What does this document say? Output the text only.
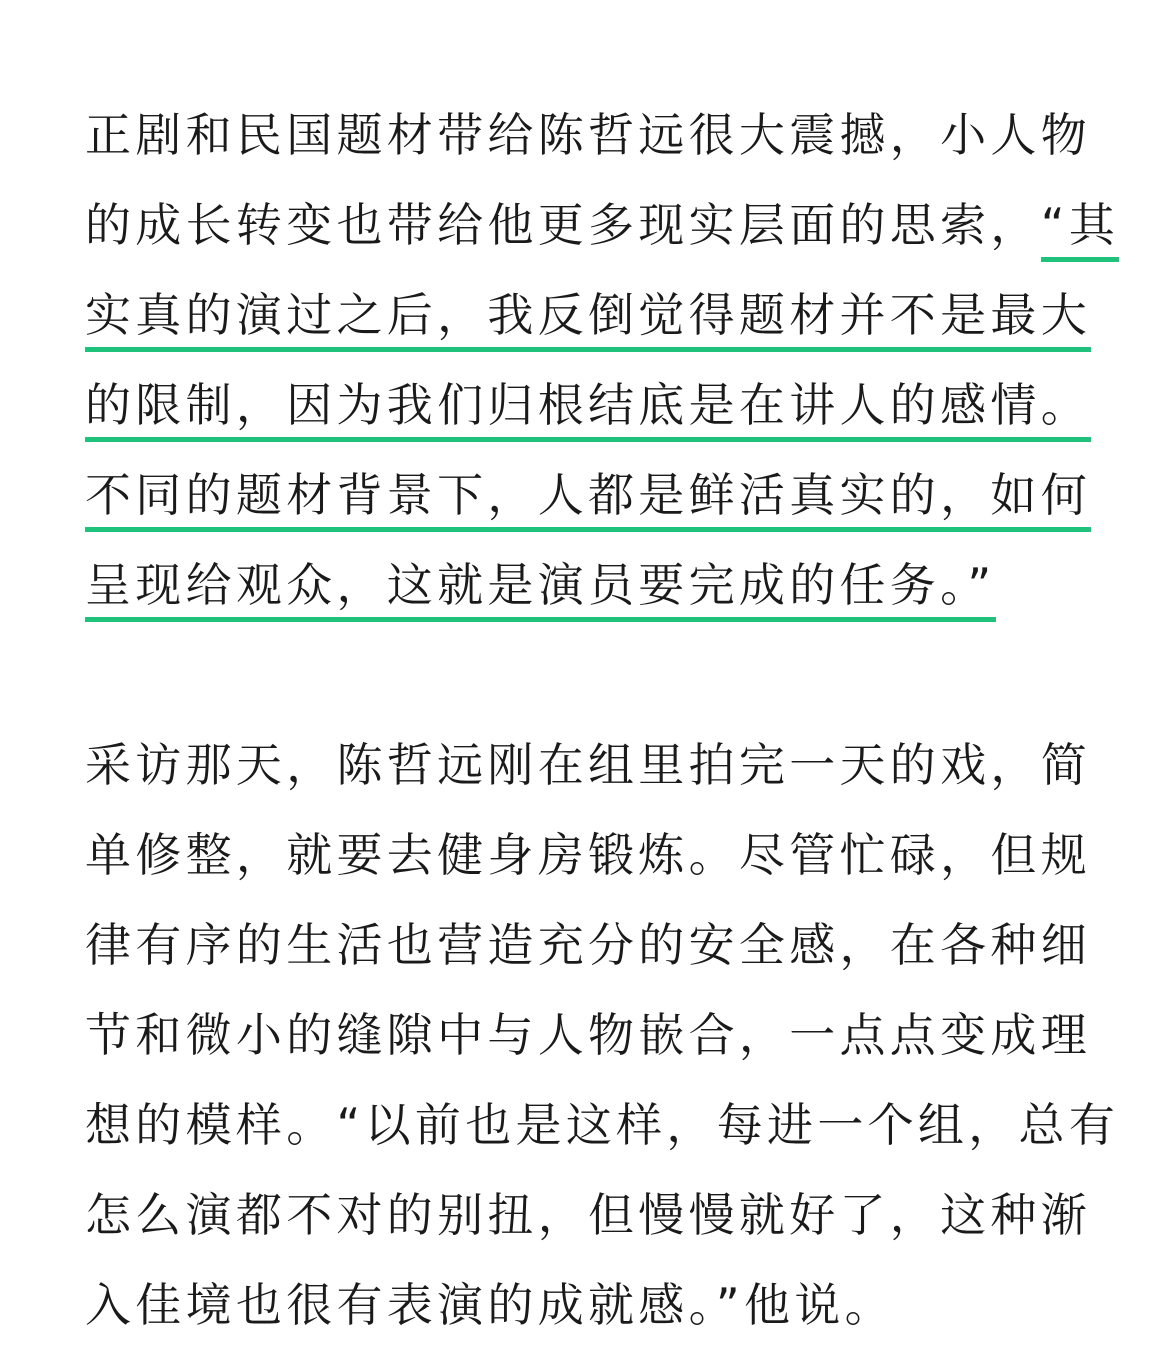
正剧和民国题材带给陈哲远很大震撼，小人物
的成长转变也带给他更多现实层面的思索，“其
实真的演过之后，我反倒觉得题材并不是最大
的限制，因为我们归根结底是在讲人的感情。
不同的题材背景下，人都是鲜活真实的，如何
呈现给观众，这就是演员要完成的任务。”
采访那天，陈哲远刚在组里拍完一天的戏，简
单修整，就要去健身房锻炼。尽管忙碌，但规
律有序的生活也营造充分的安全感，在各种细
节和微小的缝隙中与人物嵌合，一点点变成理
想的模样。“以前也是这样，每进一个组，总有
怎么演都不对的别扭，但慢慢就好了，这种渐
入佳境也很有表演的成就感。”他说。
